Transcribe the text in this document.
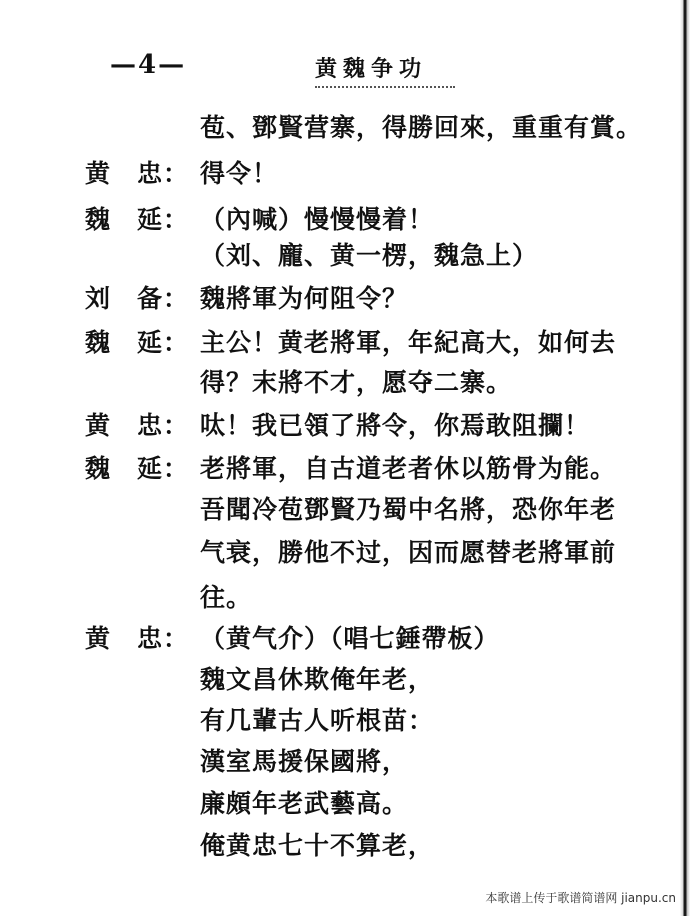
—4—	黄魏争功
苞、鄧賢营寨，得勝回來，重重有賞。
黄　忠： 得令！
魏　延： （內喊）慢慢慢着！
（刘、龐、黄一楞，魏急上）
刘　备： 魏將軍为何阻令？
魏　延： 主公！黄老將軍，年紀高大，如何去
得？末將不才，愿夺二寨。
黄　忠： 呔！我已領了將令，你焉敢阻攔！
魏　延： 老將軍，自古道老者休以筋骨为能。
吾聞冷苞鄧賢乃蜀中名將，恐你年老
气衰，勝他不过，因而愿替老將軍前
往。
黄　忠： （黄气介）（唱七錘帶板）
魏文昌休欺俺年老，
有几輩古人听根苗：
漢室馬援保國將，
廉頗年老武藝高。
俺黄忠七十不算老，
本歌谱上传于歌谱简谱网 jianpu.cn
